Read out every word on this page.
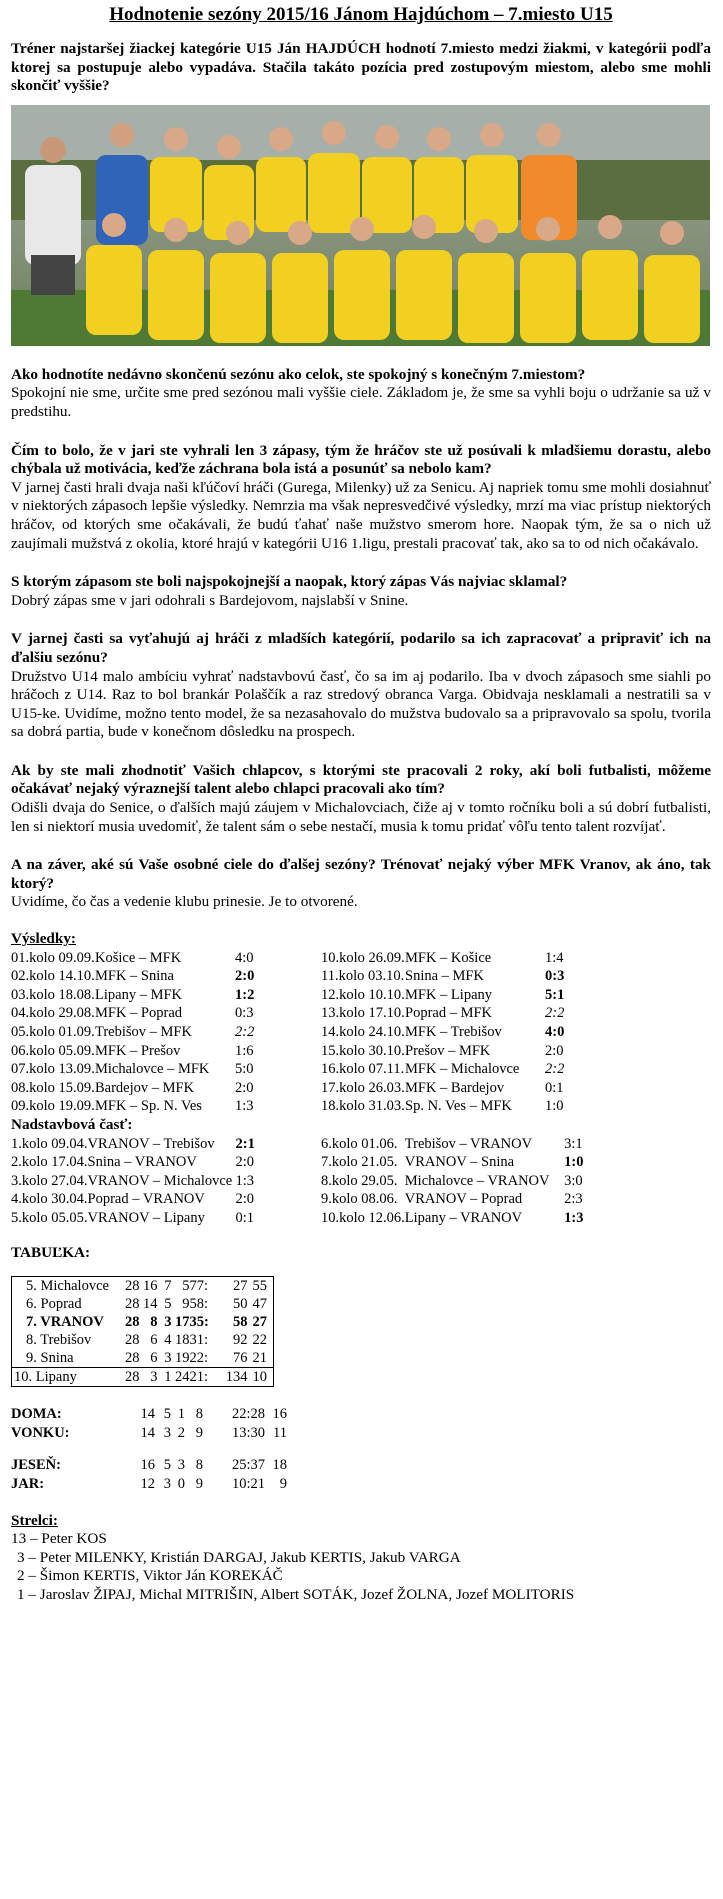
Hodnotenie sezóny 2015/16 Jánom Hajdúchom – 7.miesto U15
Tréner najstaršej žiackej kategórie U15 Ján HAJDÚCH hodnotí 7.miesto medzi žiakmi, v kategórii podľa ktorej sa postupuje alebo vypadáva. Stačila takáto pozícia pred zostupovým miestom, alebo sme mohli skončiť vyššie?
Ako hodnotíte nedávno skončenú sezónu ako celok, ste spokojný s konečným 7.miestom?
Spokojní nie sme, určite sme pred sezónou mali vyššie ciele. Základom je, že sme sa vyhli boju o udržanie sa už v predstihu.
Čím to bolo, že v jari ste vyhrali len 3 zápasy, tým že hráčov ste už posúvali k mladšiemu dorastu, alebo chýbala už motivácia, keďže záchrana bola istá a posunúť sa nebolo kam?
V jarnej časti hrali dvaja naši kľúčoví hráči (Gurega, Milenky) už za Senicu. Aj napriek tomu sme mohli dosiahnuť v niektorých zápasoch lepšie výsledky. Nemrzia ma však nepresvedčivé výsledky, mrzí ma viac prístup niektorých hráčov, od ktorých sme očakávali, že budú ťahať naše mužstvo smerom hore. Naopak tým, že sa o nich už zaujímali mužstvá z okolia, ktoré hrajú v kategórii U16 1.ligu, prestali pracovať tak, ako sa to od nich očakávalo.
S ktorým zápasom ste boli najspokojnejší a naopak, ktorý zápas Vás najviac sklamal?
Dobrý zápas sme v jari odohrali s Bardejovom, najslabší v Snine.
V jarnej časti sa vyťahujú aj hráči z mladších kategórií, podarilo sa ich zapracovať a pripraviť ich na ďalšiu sezónu?
Družstvo U14 malo ambíciu vyhrať nadstavbovú časť, čo sa im aj podarilo. Iba v dvoch zápasoch sme siahli po hráčoch z U14. Raz to bol brankár Polaščík a raz stredový obranca Varga. Obidvaja nesklamali a nestratili sa v U15-ke. Uvidíme, možno tento model, že sa nezasahovalo do mužstva budovalo sa a pripravovalo sa spolu, tvorila sa dobrá partia, bude v konečnom dôsledku na prospech.
Ak by ste mali zhodnotiť Vašich chlapcov, s ktorými ste pracovali 2 roky, akí boli futbalisti, môžeme očakávať nejaký výraznejší talent alebo chlapci pracovali ako tím?
Odišli dvaja do Senice, o ďalších majú záujem v Michalovciach, čiže aj v tomto ročníku boli a sú dobrí futbalisti, len si niektorí musia uvedomiť, že talent sám o sebe nestačí, musia k tomu pridať vôľu tento talent rozvíjať.
A na záver, aké sú Vaše osobné ciele do ďalšej sezóny? Trénovať nejaký výber MFK Vranov, ak áno, tak ktorý?
Uvidíme, čo čas a vedenie klubu prinesie. Je to otvorené.
Výsledky:
01.kolo 09.09.	Košice – MFK	4:0
02.kolo 14.10.	MFK – Snina	2:0
03.kolo 18.08.	Lipany – MFK	1:2
04.kolo 29.08.	MFK – Poprad	0:3
05.kolo 01.09.	Trebišov – MFK	2:2
06.kolo 05.09.	MFK – Prešov	1:6
07.kolo 13.09.	Michalovce – MFK	5:0
08.kolo 15.09.	Bardejov – MFK	2:0
09.kolo 19.09.	MFK – Sp. N. Ves	1:3
10.kolo 26.09.	MFK – Košice	1:4
11.kolo 03.10.	Snina – MFK	0:3
12.kolo 10.10.	MFK – Lipany	5:1
13.kolo 17.10.	Poprad – MFK	2:2
14.kolo 24.10.	MFK – Trebišov	4:0
15.kolo 30.10.	Prešov – MFK	2:0
16.kolo 07.11.	MFK – Michalovce	2:2
17.kolo 26.03.	MFK – Bardejov	0:1
18.kolo 31.03.	Sp. N. Ves – MFK	1:0
Nadstavbová časť:
1.kolo 09.04.	VRANOV – Trebišov	2:1
2.kolo 17.04.	Snina – VRANOV	2:0
3.kolo 27.04.	VRANOV – Michalovce	1:3
4.kolo 30.04.	Poprad – VRANOV	2:0
5.kolo 05.05.	VRANOV – Lipany	0:1
6.kolo 01.06.	Trebišov – VRANOV	3:1
7.kolo 21.05.	VRANOV – Snina	1:0
8.kolo 29.05.	Michalovce – VRANOV	3:0
9.kolo 08.06.	VRANOV – Poprad	2:3
10.kolo 12.06.	Lipany – VRANOV	1:3
TABUĽKA:
5. Michalovce	28	16	7	5	77:	27	55
6. Poprad	28	14	5	9	58:	50	47
7. VRANOV	28	8	3	17	35:	58	27
8. Trebišov	28	6	4	18	31:	92	22
9. Snina	28	6	3	19	22:	76	21
10. Lipany	28	3	1	24	21:	134	10
DOMA:	14	5	1	8	22:28	16
VONKU:	14	3	2	9	13:30	11
JESEŇ:	16	5	3	8	25:37	18
JAR:	12	3	0	9	10:21	9
Strelci:
13 – Peter KOS
3 – Peter MILENKY, Kristián DARGAJ, Jakub KERTIS, Jakub VARGA
2 – Šimon KERTIS, Viktor Ján KOREKÁČ
1 – Jaroslav ŽIPAJ, Michal MITRIŠIN, Albert SOTÁK, Jozef ŽOLNA, Jozef MOLITORIS
